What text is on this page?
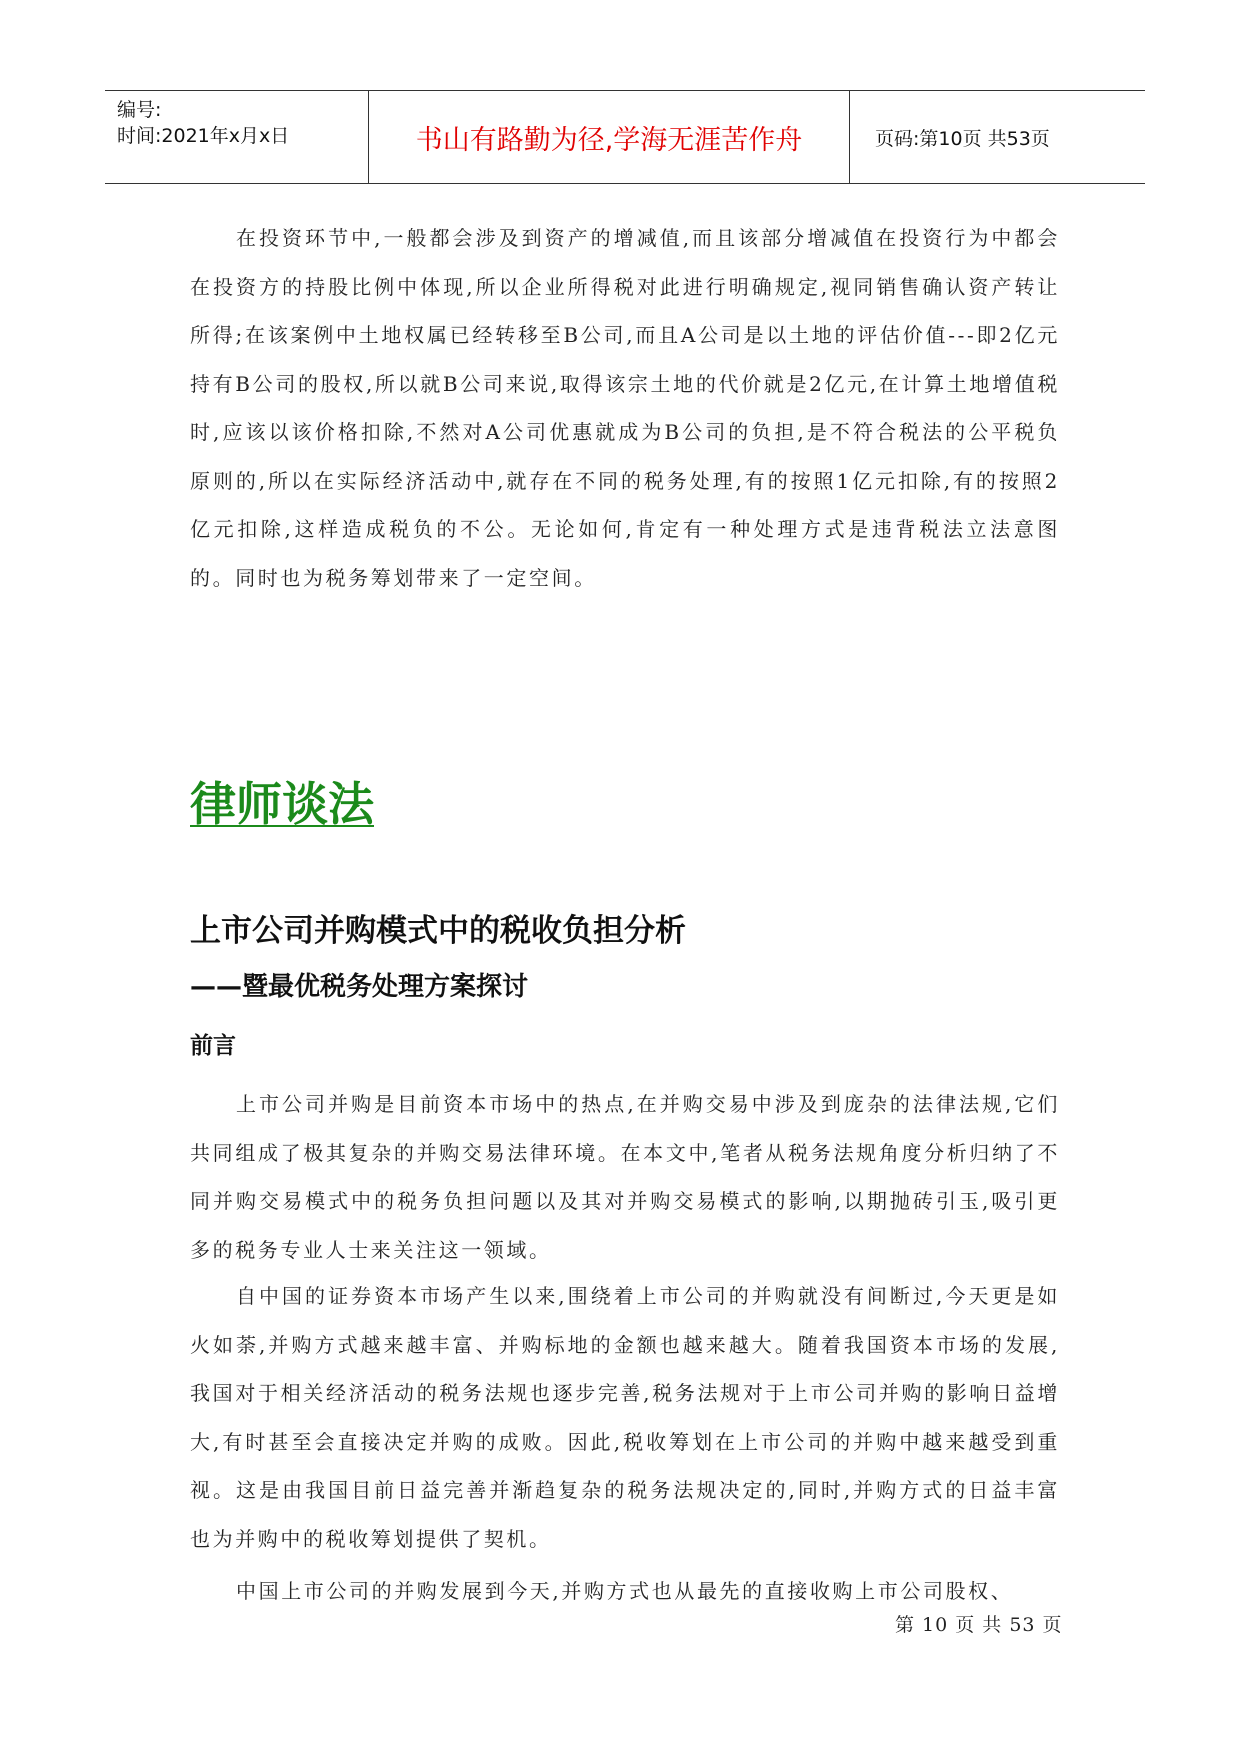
编号:
时间:2021年x月x日	书山有路勤为径,学海无涯苦作舟	页码:第10页 共53页

在投资环节中,一般都会涉及到资产的增减值,而且该部分增减值在投资行为中都会在投资方的持股比例中体现,所以企业所得税对此进行明确规定,视同销售确认资产转让所得;在该案例中土地权属已经转移至B公司,而且A公司是以土地的评估价值---即2亿元持有B公司的股权,所以就B公司来说,取得该宗土地的代价就是2亿元,在计算土地增值税时,应该以该价格扣除,不然对A公司优惠就成为B公司的负担,是不符合税法的公平税负原则的,所以在实际经济活动中,就存在不同的税务处理,有的按照1亿元扣除,有的按照2亿元扣除,这样造成税负的不公。无论如何,肯定有一种处理方式是违背税法立法意图的。同时也为税务筹划带来了一定空间。

律师谈法
上市公司并购模式中的税收负担分析
——暨最优税务处理方案探讨
前言

上市公司并购是目前资本市场中的热点,在并购交易中涉及到庞杂的法律法规,它们共同组成了极其复杂的并购交易法律环境。在本文中,笔者从税务法规角度分析归纳了不同并购交易模式中的税务负担问题以及其对并购交易模式的影响,以期抛砖引玉,吸引更多的税务专业人士来关注这一领域。

自中国的证券资本市场产生以来,围绕着上市公司的并购就没有间断过,今天更是如火如荼,并购方式越来越丰富、并购标地的金额也越来越大。随着我国资本市场的发展,我国对于相关经济活动的税务法规也逐步完善,税务法规对于上市公司并购的影响日益增大,有时甚至会直接决定并购的成败。因此,税收筹划在上市公司的并购中越来越受到重视。这是由我国目前日益完善并渐趋复杂的税务法规决定的,同时,并购方式的日益丰富也为并购中的税收筹划提供了契机。

中国上市公司的并购发展到今天,并购方式也从最先的直接收购上市公司股权、

第 10 页 共 53 页
